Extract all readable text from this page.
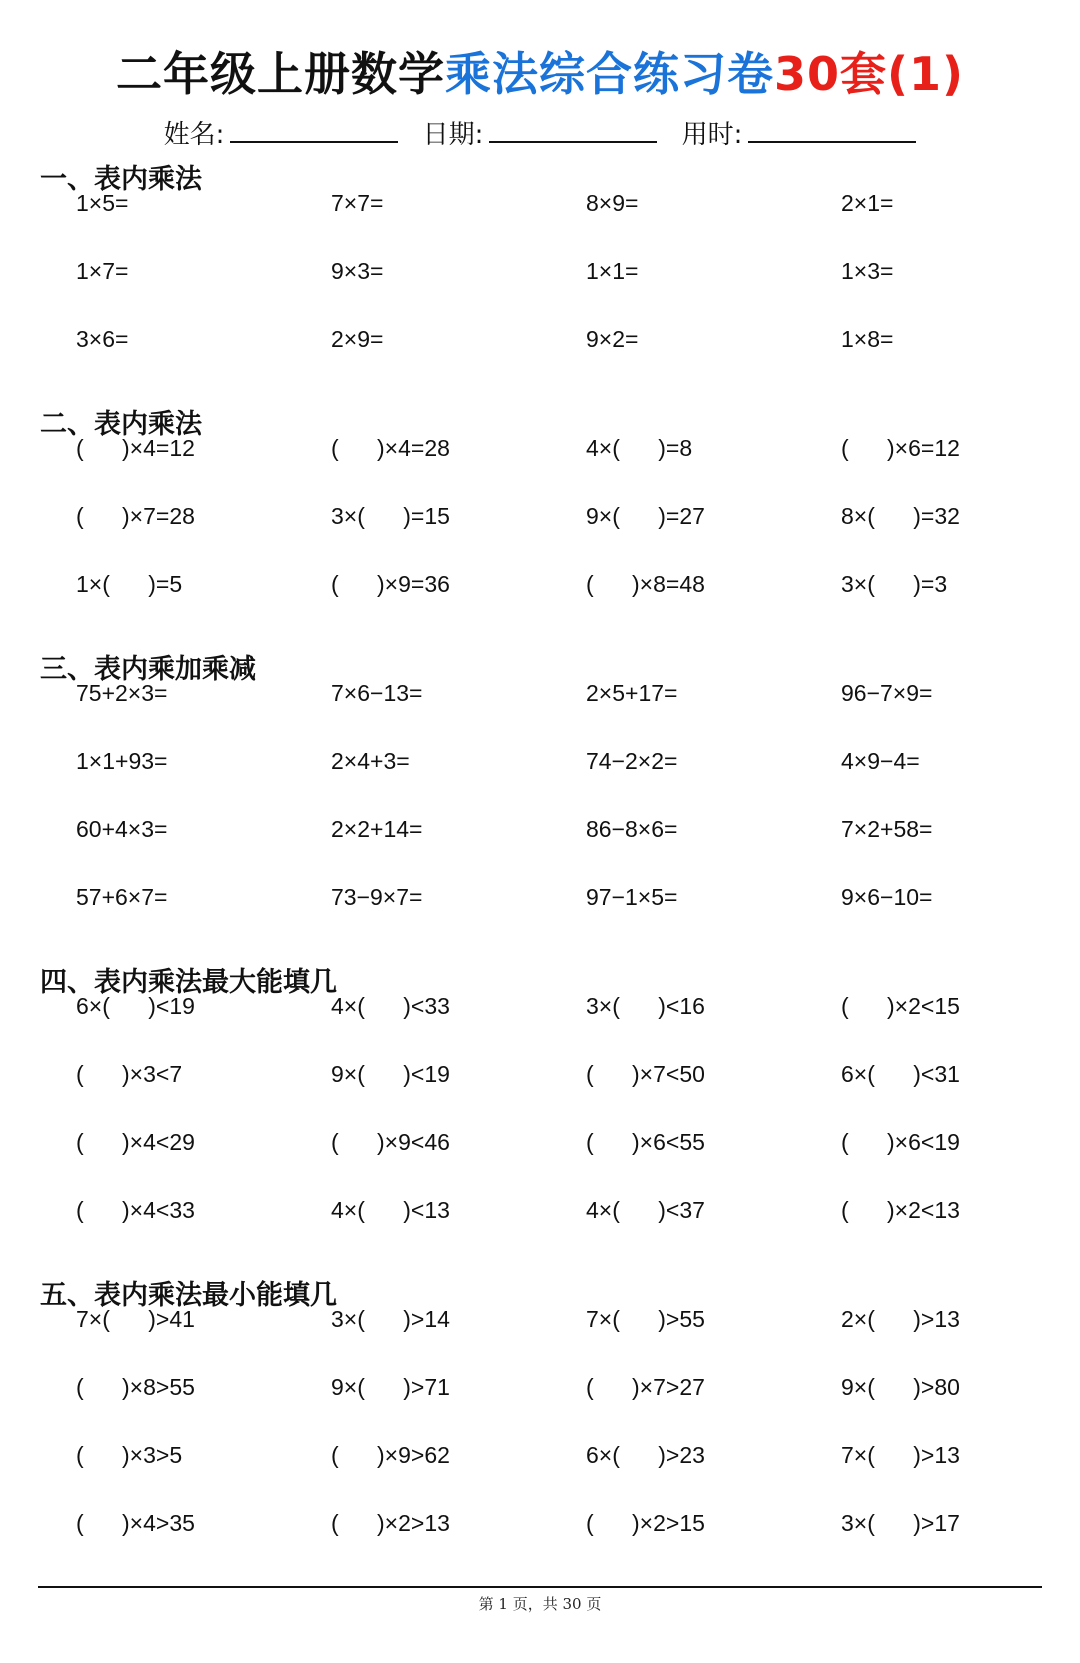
二年级上册数学乘法综合练习卷30套(1)
姓名:	日期:	用时:
一、表内乘法
1×5=	7×7=	8×9=	2×1=
1×7=	9×3=	1×1=	1×3=
3×6=	2×9=	9×2=	1×8=
二、表内乘法
(      )×4=12	(      )×4=28	4×(      )=8	(      )×6=12
(      )×7=28	3×(      )=15	9×(      )=27	8×(      )=32
1×(      )=5	(      )×9=36	(      )×8=48	3×(      )=3
三、表内乘加乘减
75+2×3=	7×6−13=	2×5+17=	96−7×9=
1×1+93=	2×4+3=	74−2×2=	4×9−4=
60+4×3=	2×2+14=	86−8×6=	7×2+58=
57+6×7=	73−9×7=	97−1×5=	9×6−10=
四、表内乘法最大能填几
6×(      )<19	4×(      )<33	3×(      )<16	(      )×2<15
(      )×3<7	9×(      )<19	(      )×7<50	6×(      )<31
(      )×4<29	(      )×9<46	(      )×6<55	(      )×6<19
(      )×4<33	4×(      )<13	4×(      )<37	(      )×2<13
五、表内乘法最小能填几
7×(      )>41	3×(      )>14	7×(      )>55	2×(      )>13
(      )×8>55	9×(      )>71	(      )×7>27	9×(      )>80
(      )×3>5	(      )×9>62	6×(      )>23	7×(      )>13
(      )×4>35	(      )×2>13	(      )×2>15	3×(      )>17
第 1 页，共 30 页
